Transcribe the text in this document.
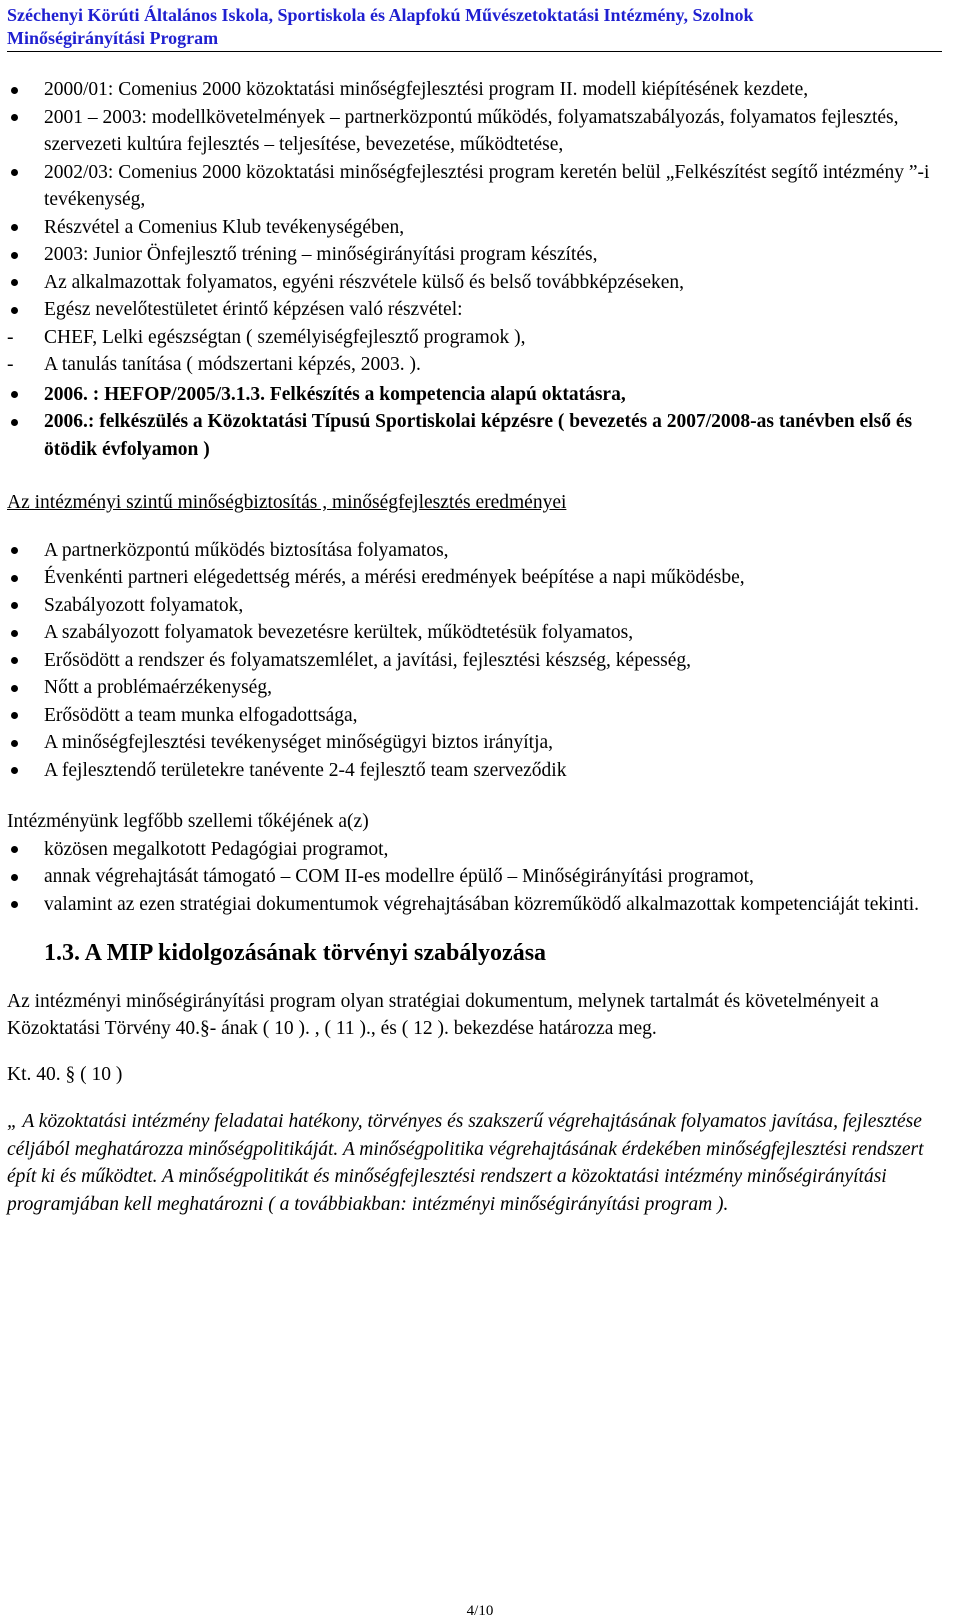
Széchenyi Körúti Általános Iskola, Sportiskola és Alapfokú Művészetoktatási Intézmény, Szolnok
Minőségirányítási Program
2000/01: Comenius 2000 közoktatási minőségfejlesztési program II. modell kiépítésének kezdete,
2001 – 2003: modellkövetelmények – partnerközpontú működés, folyamatszabályozás, folyamatos fejlesztés, szervezeti kultúra fejlesztés – teljesítése, bevezetése, működtetése,
2002/03: Comenius 2000 közoktatási minőségfejlesztési program keretén belül „Felkészítést segítő intézmény ”-i tevékenység,
Részvétel a Comenius Klub tevékenységében,
2003: Junior Önfejlesztő tréning – minőségirányítási program készítés,
Az alkalmazottak folyamatos, egyéni részvétele külső és belső továbbképzéseken,
Egész nevelőtestületet érintő képzésen való részvétel:
- CHEF, Lelki egészségtan ( személyiségfejlesztő programok ),
- A tanulás tanítása ( módszertani képzés, 2003. ).
2006. : HEFOP/2005/3.1.3. Felkészítés a kompetencia alapú oktatásra,
2006.: felkészülés a Közoktatási Típusú Sportiskolai képzésre ( bevezetés a 2007/2008-as tanévben első és ötödik évfolyamon )
Az intézményi szintű minőségbiztosítás , minőségfejlesztés eredményei
A partnerközpontú működés biztosítása folyamatos,
Évenkénti partneri elégedettség mérés, a mérési eredmények beépítése a napi működésbe,
Szabályozott folyamatok,
A szabályozott folyamatok bevezetésre kerültek, működtetésük folyamatos,
Erősödött a rendszer és folyamatszemlélet, a javítási, fejlesztési készség, képesség,
Nőtt a problémaérzékenység,
Erősödött a team munka elfogadottsága,
A minőségfejlesztési tevékenységet minőségügyi biztos irányítja,
A fejlesztendő területekre tanévente 2-4 fejlesztő team szerveződik
Intézményünk legfőbb szellemi tőkéjének a(z)
közösen megalkotott Pedagógiai programot,
annak végrehajtását támogató – COM II-es modellre épülő – Minőségirányítási programot,
valamint az ezen stratégiai dokumentumok végrehajtásában közreműködő alkalmazottak kompetenciáját tekinti.
1.3. A MIP kidolgozásának törvényi szabályozása
Az intézményi minőségirányítási program olyan stratégiai dokumentum, melynek tartalmát és követelményeit a Közoktatási Törvény 40.§- ának ( 10 ). , ( 11 )., és ( 12 ). bekezdése határozza meg.
Kt. 40. § ( 10 )
„ A közoktatási intézmény feladatai hatékony, törvényes és szakszerű végrehajtásának folyamatos javítása, fejlesztése céljából meghatározza minőségpolitikáját. A minőségpolitika végrehajtásának érdekében minőségfejlesztési rendszert épít ki és működtet. A minőségpolitikát és minőségfejlesztési rendszert a közoktatási intézmény minőségirányítási programjában kell meghatározni ( a továbbiakban: intézményi minőségirányítási program ).
4/10
